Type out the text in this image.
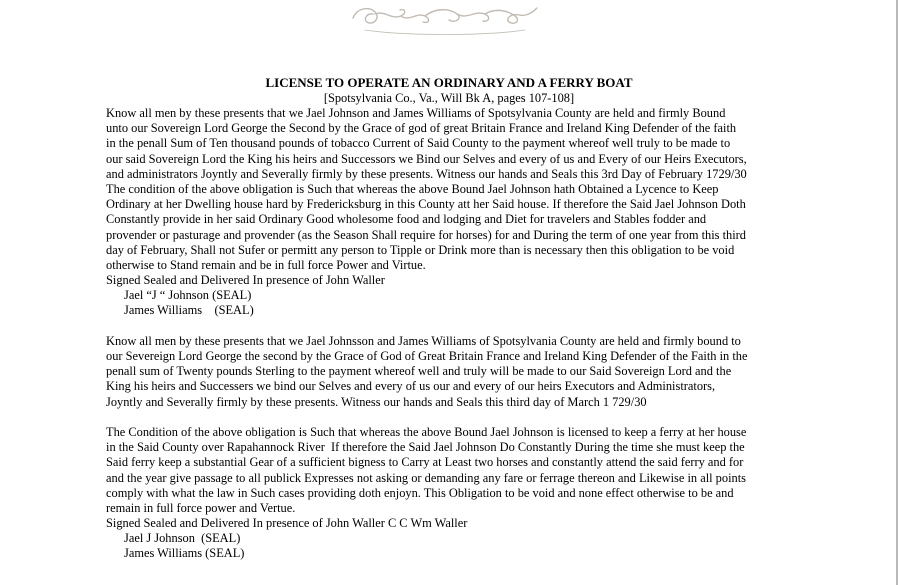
LICENSE TO OPERATE AN ORDINARY AND A FERRY BOAT
[Spotsylvania Co., Va., Will Bk A, pages 107-108]
Know all men by these presents that we Jael Johnson and James Williams of Spotsylvania County are held and firmly Bound
unto our Sovereign Lord George the Second by the Grace of god of great Britain France and Ireland King Defender of the faith
in the penall Sum of Ten thousand pounds of tobacco Current of Said County to the payment whereof well truly to be made to
our said Sovereign Lord the King his heirs and Successors we Bind our Selves and every of us and Every of our Heirs Executors,
and administrators Joyntly and Severally firmly by these presents. Witness our hands and Seals this 3rd Day of February 1729/30
The condition of the above obligation is Such that whereas the above Bound Jael Johnson hath Obtained a Lycence to Keep
Ordinary at her Dwelling house hard by Fredericksburg in this County att her Said house. If therefore the Said Jael Johnson Doth
Constantly provide in her said Ordinary Good wholesome food and lodging and Diet for travelers and Stables fodder and
provender or pasturage and provender (as the Season Shall require for horses) for and During the term of one year from this third
day of February, Shall not Sufer or permitt any person to Tipple or Drink more than is necessary then this obligation to be void
otherwise to Stand remain and be in full force Power and Virtue.
Signed Sealed and Delivered In presence of John Waller
Jael “J “ Johnson (SEAL)
James Williams    (SEAL)
Know all men by these presents that we Jael Johnsson and James Williams of Spotsylvania County are held and firmly bound to
our Severeign Lord George the second by the Grace of God of Great Britain France and Ireland King Defender of the Faith in the
penall sum of Twenty pounds Sterling to the payment whereof well and truly will be made to our Said Sovereign Lord and the
King his heirs and Successers we bind our Selves and every of us our and every of our heirs Executors and Administrators,
Joyntly and Severally firmly by these presents. Witness our hands and Seals this third day of March 1 729/30
The Condition of the above obligation is Such that whereas the above Bound Jael Johnson is licensed to keep a ferry at her house
in the Said County over Rapahannock River  If therefore the Said Jael Johnson Do Constantly During the time she must keep the
Said ferry keep a substantial Gear of a sufficient bigness to Carry at Least two horses and constantly attend the said ferry and for
and the year give passage to all publick Expresses not asking or demanding any fare or ferrage thereon and Likewise in all points
comply with what the law in Such cases providing doth enjoyn. This Obligation to be void and none effect otherwise to be and
remain in full force power and Vertue.
Signed Sealed and Delivered In presence of John Waller C C Wm Waller
Jael J Johnson  (SEAL)
James Williams (SEAL)
